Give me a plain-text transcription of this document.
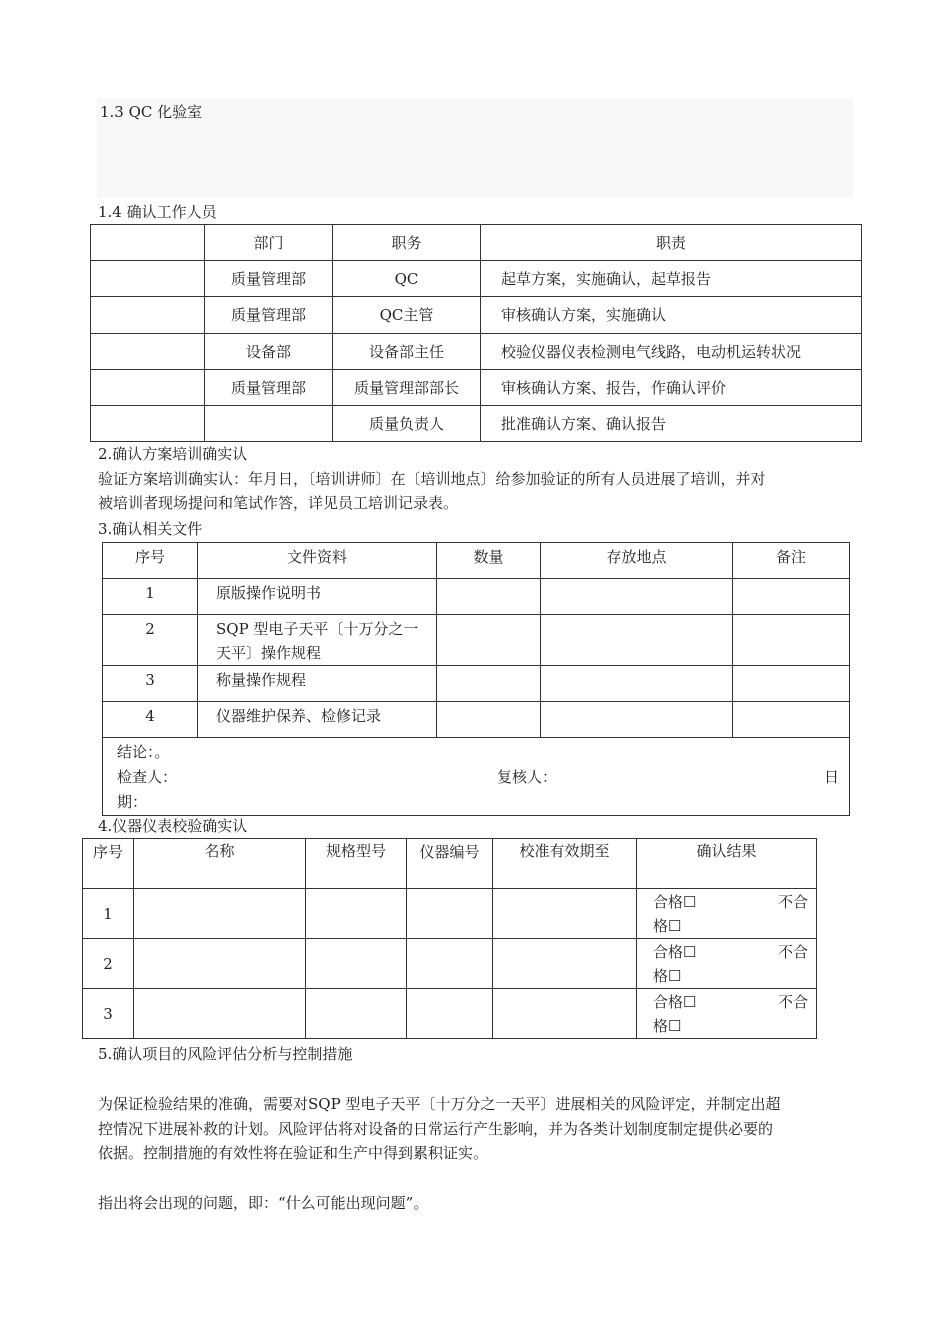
1.3 QC 化验室
1.4 确认工作人员
	部门	职务	职责
	质量管理部	QC	起草方案，实施确认，起草报告
	质量管理部	QC主管	审核确认方案，实施确认
	设备部	设备部主任	校验仪器仪表检测电气线路，电动机运转状况
	质量管理部	质量管理部部长	审核确认方案、报告，作确认评价
		质量负责人	批准确认方案、确认报告
2.确认方案培训确实认
验证方案培训确实认：年月日，〔培训讲师〕在〔培训地点〕给参加验证的所有人员进展了培训，并对
被培训者现场提问和笔试作答，详见员工培训记录表。
3.确认相关文件
序号	文件资料	数量	存放地点	备注
1	原版操作说明书			
2	SQP 型电子天平〔十万分之一天平〕操作规程			
3	称量操作规程			
4	仪器维护保养、检修记录			

结论：。
检查人： 复核人： 日
期：				
4.仪器仪表校验确实认
序号	名称	规格型号	仪器编号	校准有效期至	确认结果
1					合格☐ 不合
格☐

2					合格☐ 不合
格☐

3					合格☐ 不合
格☐
5.确认项目的风险评估分析与控制措施
为保证检验结果的准确，需要对SQP 型电子天平〔十万分之一天平〕进展相关的风险评定，并制定出超
控情况下进展补救的计划。风险评估将对设备的日常运行产生影响，并为各类计划制度制定提供必要的
依据。控制措施的有效性将在验证和生产中得到累积证实。
指出将会出现的问题，即：“什么可能出现问题”。
